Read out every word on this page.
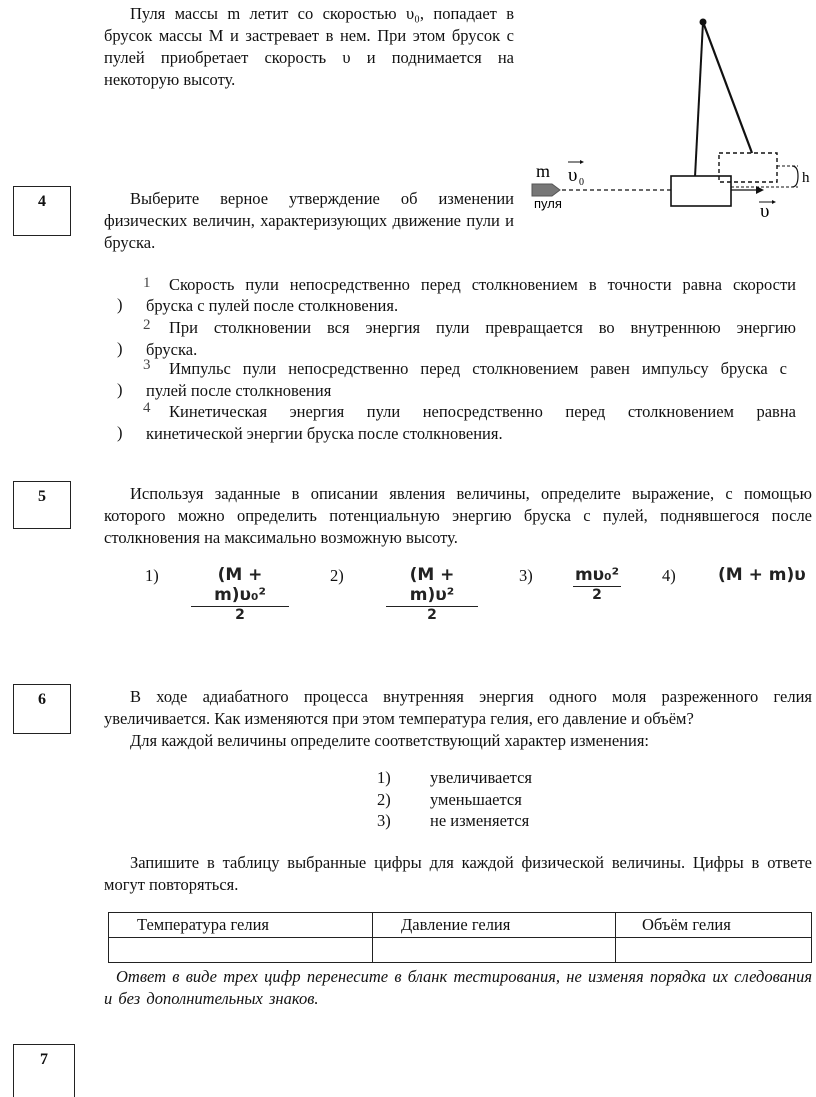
Пуля массы m летит со скоростью υ₀, попадает в брусок массы M и застревает в нем. При этом брусок с пулей приобретает скорость υ и поднимается на некоторую высоту.
m υ 0
пуля
h
υ
4	Выберите верное утверждение об изменении физических величин, характеризующих движение пули и бруска.
1
)
Скорость пули непосредственно перед столкновением в точности равна скорости
бруска с пулей после столкновения.
2
)
При столкновении вся энергия пули превращается во внутреннюю энергию
бруска.
3
)
Импульс пули непосредственно перед столкновением равен импульсу бруска с
пулей после столкновения
4
)
Кинетическая энергия пули непосредственно перед столкновением равна
кинетической энергии бруска после столкновения.
5	Используя заданные в описании явления величины, определите выражение, с помощью которого можно определить потенциальную энергию бруска с пулей, поднявшегося после столкновения на максимально возможную высоту.
1)	(M + m)υ₀²
2
2)	(M + m)υ²
2
3) mυ₀²
2
4) (M + m)υ
6	В ходе адиабатного процесса внутренняя энергия одного моля разреженного гелия увеличивается. Как изменяются при этом температура гелия, его давление и объём?
Для каждой величины определите соответствующий характер изменения:
1) увеличивается
2) уменьшается
3) не изменяется
Запишите в таблицу выбранные цифры для каждой физической величины. Цифры в ответе могут повторяться.
Температура гелия	Давление гелия	Объём гелия

Ответ в виде трех цифр перенесите в бланк тестирования, не изменяя порядка их следования и без дополнительных знаков.
7
